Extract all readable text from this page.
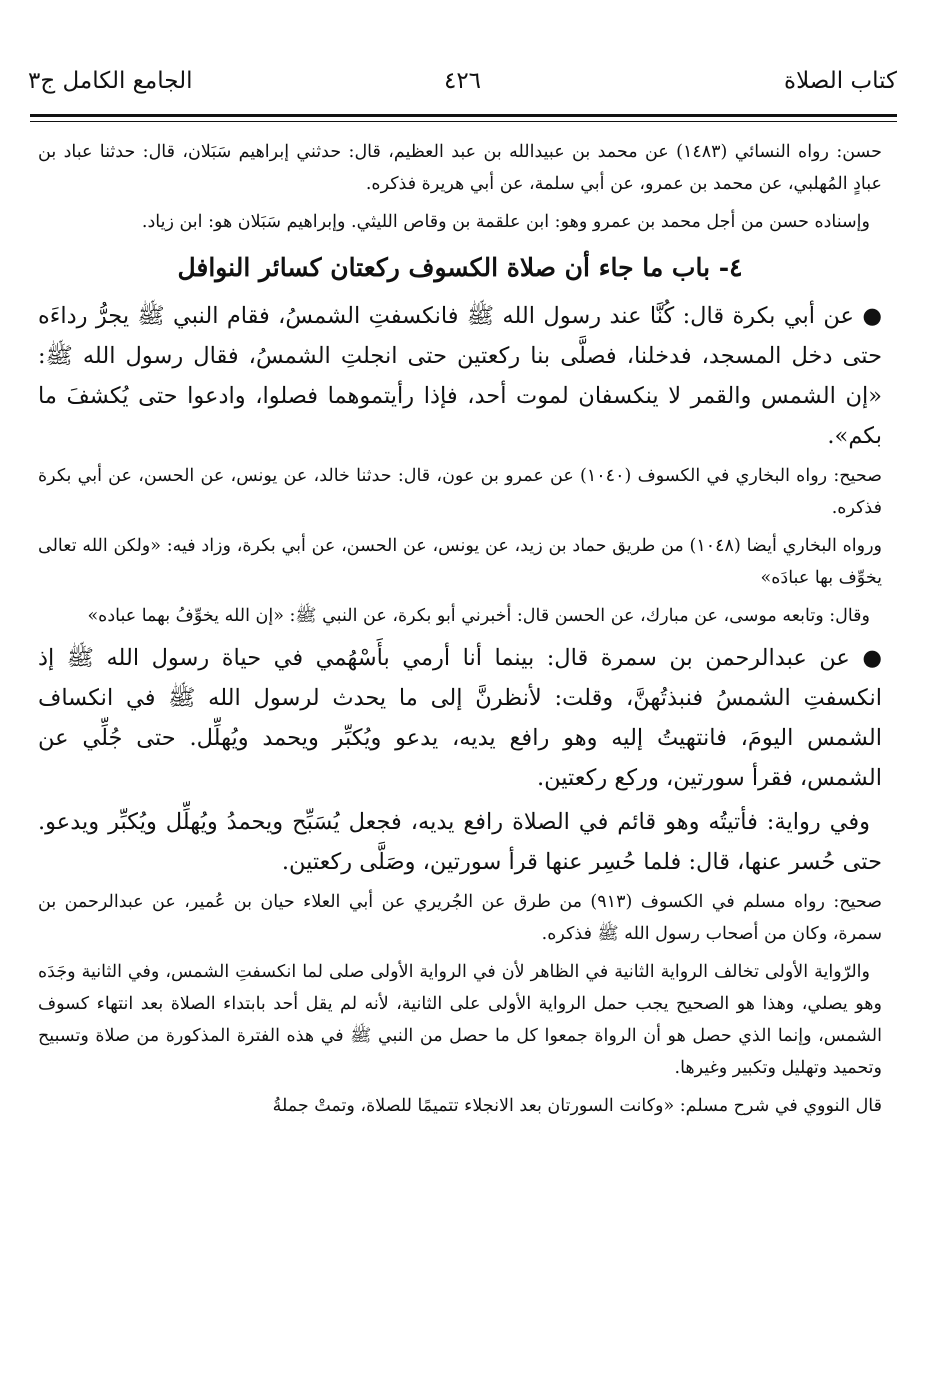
كتاب الصلاة
٤٢٦
الجامع الكامل ج٣

حسن: رواه النسائي (١٤٨٣) عن محمد بن عبيدالله بن عبد العظيم، قال: حدثني إبراهيم سَبَلان، قال: حدثنا عباد بن عبادٍ المُهلبي، عن محمد بن عمرو، عن أبي سلمة، عن أبي هريرة فذكره.

وإسناده حسن من أجل محمد بن عمرو وهو: ابن علقمة بن وقاص الليثي. وإبراهيم سَبَلان هو: ابن زياد.

٤- باب ما جاء أن صلاة الكسوف ركعتان كسائر النوافل

● عن أبي بكرة قال: كُنَّا عند رسول الله ﷺ فانكسفتِ الشمسُ، فقام النبي ﷺ يجرُّ رداءَه حتى دخل المسجد، فدخلنا، فصلَّى بنا ركعتين حتى انجلتِ الشمسُ، فقال رسول الله ﷺ: «إن الشمس والقمر لا ينكسفان لموت أحد، فإذا رأيتموهما فصلوا، وادعوا حتى يُكشفَ ما بكم».

صحيح: رواه البخاري في الكسوف (١٠٤٠) عن عمرو بن عون، قال: حدثنا خالد، عن يونس، عن الحسن، عن أبي بكرة فذكره.

ورواه البخاري أيضا (١٠٤٨) من طريق حماد بن زيد، عن يونس، عن الحسن، عن أبي بكرة، وزاد فيه: «ولكن الله تعالى يخوِّف بها عبادَه»

وقال: وتابعه موسى، عن مبارك، عن الحسن قال: أخبرني أبو بكرة، عن النبي ﷺ: «إن الله يخوِّفُ بهما عباده»

● عن عبدالرحمن بن سمرة قال: بينما أنا أرمي بأَسْهُمي في حياة رسول الله ﷺ إذ انكسفتِ الشمسُ فنبذتُهنَّ، وقلت: لأنظرنَّ إلى ما يحدث لرسول الله ﷺ في انكساف الشمس اليومَ، فانتهيتُ إليه وهو رافع يديه، يدعو ويُكبِّر ويحمد ويُهلِّل. حتى جُلِّي عن الشمس، فقرأ سورتين، وركع ركعتين.

وفي رواية: فأتيتُه وهو قائم في الصلاة رافع يديه، فجعل يُسَبِّح ويحمدُ ويُهلِّل ويُكبِّر ويدعو. حتى حُسر عنها، قال: فلما حُسِر عنها قرأ سورتين، وصَلَّى ركعتين.

صحيح: رواه مسلم في الكسوف (٩١٣) من طرق عن الجُريري عن أبي العلاء حيان بن عُمير، عن عبدالرحمن بن سمرة، وكان من أصحاب رسول الله ﷺ فذكره.

والرّواية الأولى تخالف الرواية الثانية في الظاهر لأن في الرواية الأولى صلى لما انكسفتِ الشمس، وفي الثانية وجَدَه وهو يصلي، وهذا هو الصحيح يجب حمل الرواية الأولى على الثانية، لأنه لم يقل أحد بابتداء الصلاة بعد انتهاء كسوف الشمس، وإنما الذي حصل هو أن الرواة جمعوا كل ما حصل من النبي ﷺ في هذه الفترة المذكورة من صلاة وتسبيح وتحميد وتهليل وتكبير وغيرها.

قال النووي في شرح مسلم: «وكانت السورتان بعد الانجلاء تتميمًا للصلاة، وتمتْ جملةُ
